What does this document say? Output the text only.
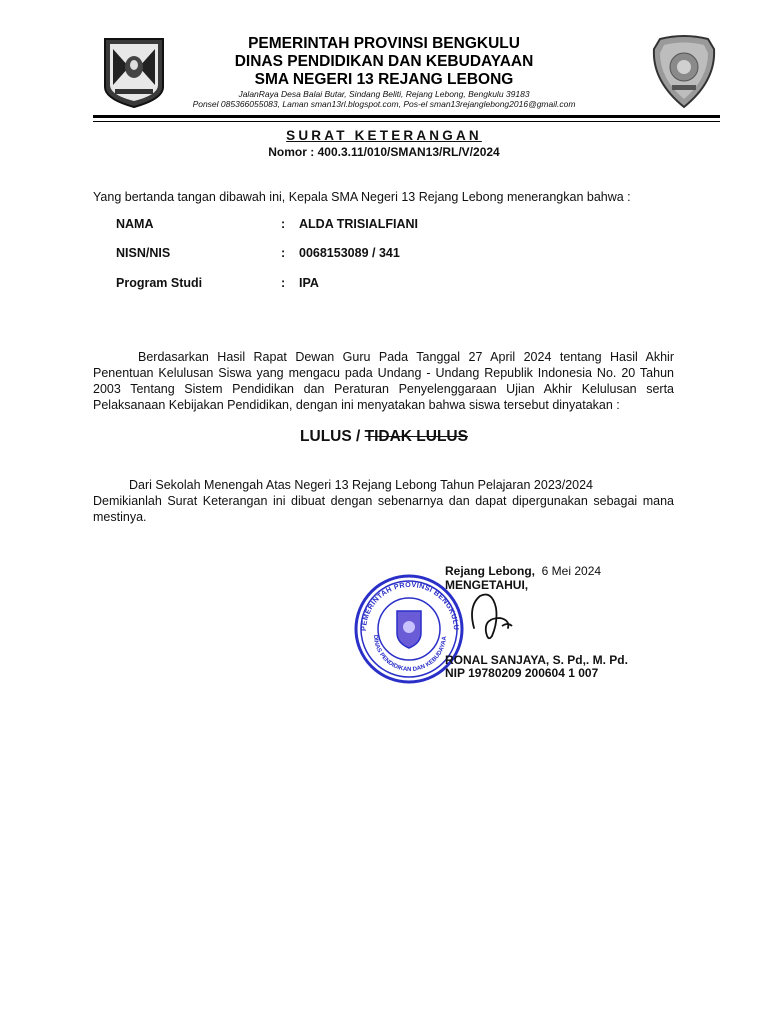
PEMERINTAH PROVINSI BENGKULU
DINAS PENDIDIKAN DAN KEBUDAYAAN
SMA NEGERI 13 REJANG LEBONG
JalanRaya Desa Balai Butar, Sindang Beliti, Rejang Lebong, Bengkulu 39183
Ponsel 085366055083, Laman sman13rl.blogspot.com, Pos-el sman13rejanglebong2016@gmail.com
SURAT KETERANGAN
Nomor : 400.3.11/010/SMAN13/RL/V/2024
Yang bertanda tangan dibawah ini, Kepala SMA Negeri 13 Rejang Lebong menerangkan bahwa :
NAMA	: ALDA TRISIALFIANI
NISN/NIS	: 0068153089 / 341
Program Studi	: IPA
Berdasarkan Hasil Rapat Dewan Guru Pada Tanggal 27 April 2024 tentang Hasil Akhir Penentuan Kelulusan Siswa yang mengacu pada Undang - Undang Republik Indonesia No. 20 Tahun 2003 Tentang Sistem Pendidikan dan Peraturan Penyelenggaraan Ujian Akhir Kelulusan serta Pelaksanaan Kebijakan Pendidikan, dengan ini menyatakan bahwa siswa tersebut dinyatakan :
LULUS / TIDAK LULUS
Dari Sekolah Menengah Atas Negeri 13 Rejang Lebong Tahun Pelajaran 2023/2024
Demikianlah Surat Keterangan ini dibuat dengan sebenarnya dan dapat dipergunakan sebagai mana mestinya.
PEMERINTAH PROVINSI BENGKULU
DINAS PENDIDIKAN DAN KEBUDAYAA
Rejang Lebong, 6 Mei 2024
MENGETAHUI,
RONAL SANJAYA, S. Pd,. M. Pd.
NIP 19780209 200604 1 007
